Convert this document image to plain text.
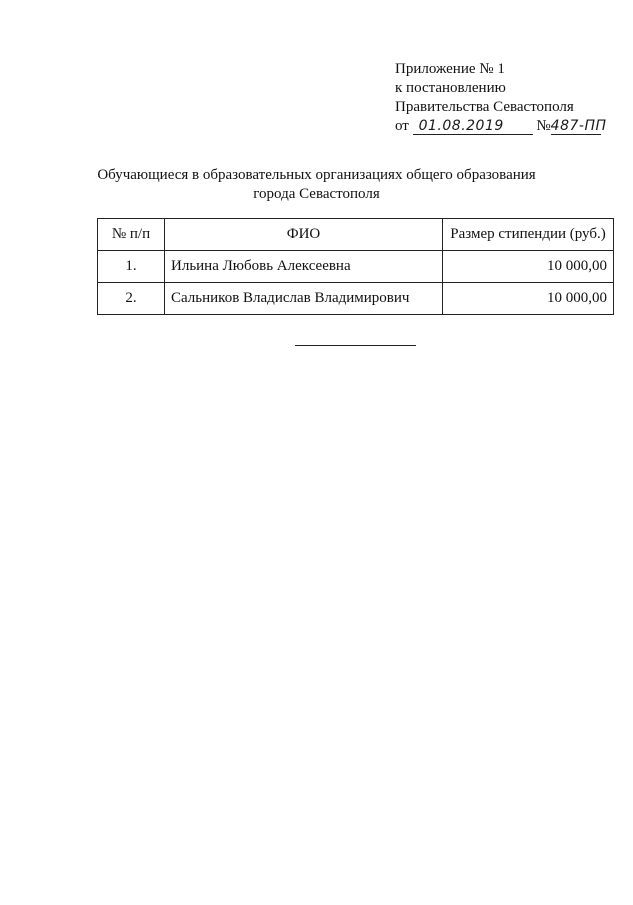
Приложение № 1
к постановлению
Правительства Севастополя
от 01.08.2019 №487-ПП
Обучающиеся в образовательных организациях общего образования
города Севастополя
№ п/п	ФИО	Размер стипендии (руб.)
1.	Ильина Любовь Алексеевна	10 000,00
2.	Сальников Владислав Владимирович	10 000,00
